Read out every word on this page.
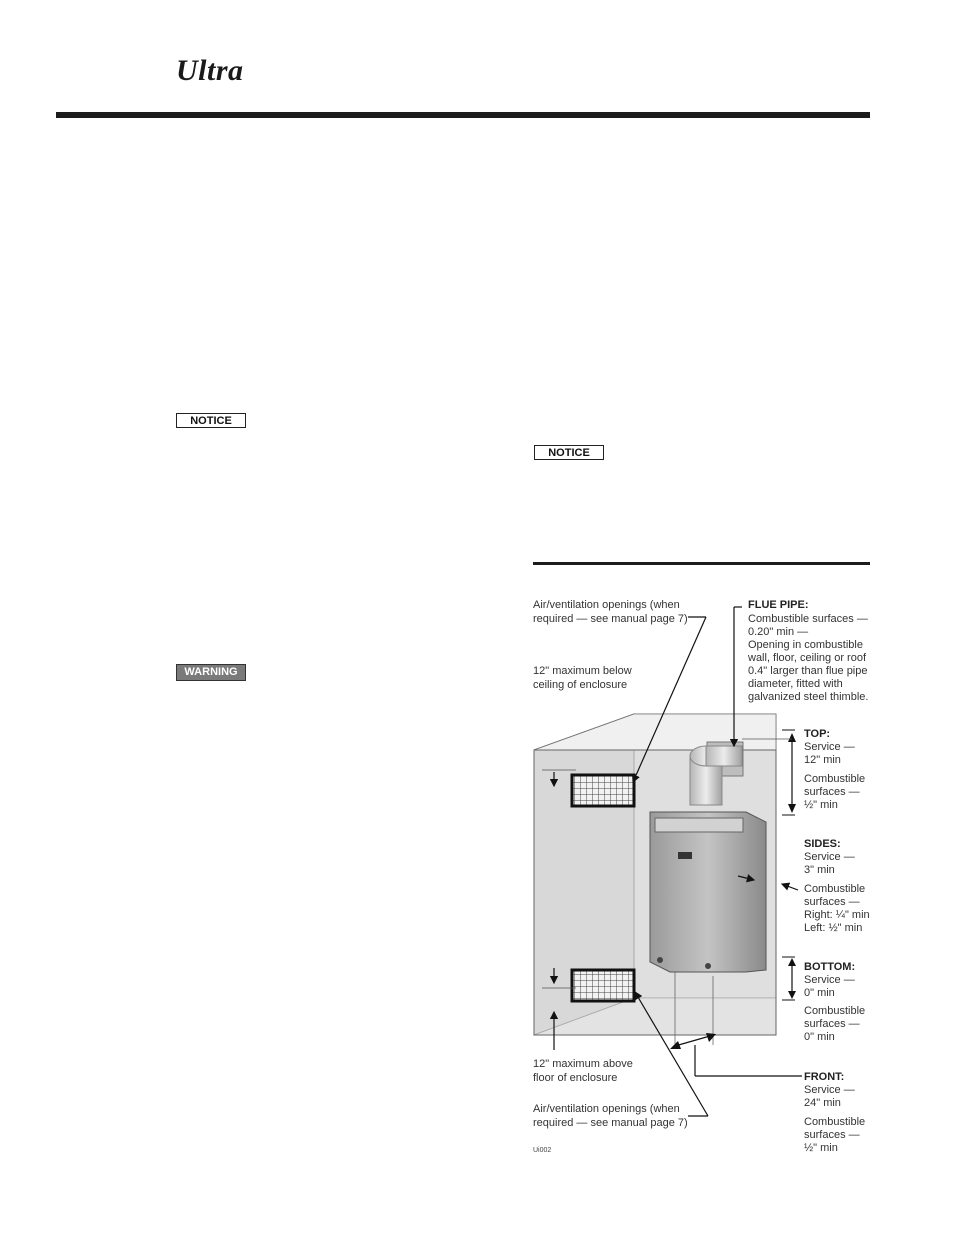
Ultra
NOTICE
WARNING
NOTICE
Air/ventilation openings (when
required — see manual page 7)
12" maximum below
ceiling of enclosure
12" maximum above
floor of enclosure
Air/ventilation openings (when
required — see manual page 7)
Ui002
FLUE PIPE:
Combustible surfaces —
0.20" min —
Opening in combustible
wall, floor, ceiling or roof
0.4" larger than flue pipe
diameter, fitted with
galvanized steel thimble.
TOP:
Service —
12" min
Combustible
surfaces —
½" min
SIDES:
Service —
3" min
Combustible
surfaces —
Right: ¼" min
Left: ½" min
BOTTOM:
Service —
0" min
Combustible
surfaces —
0" min
FRONT:
Service —
24" min
Combustible
surfaces —
½" min
